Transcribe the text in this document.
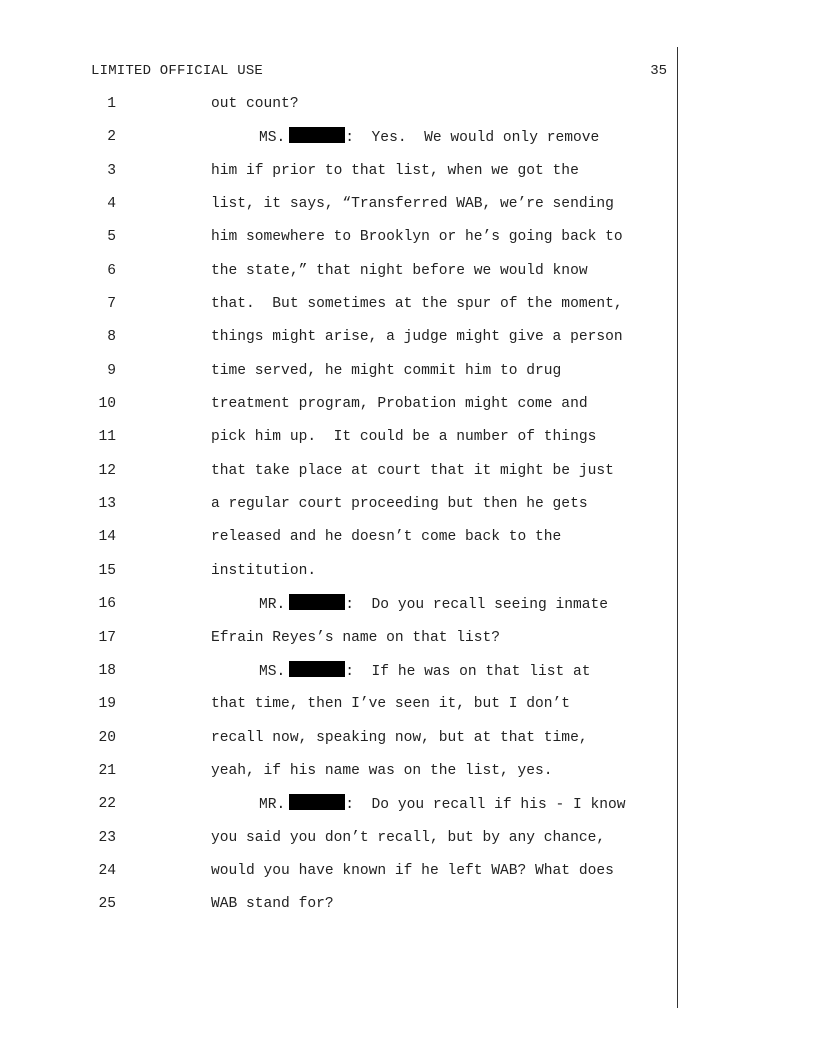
LIMITED OFFICIAL USE	35
1	out count?
2	MS.	:  Yes.  We would only remove
3	him if prior to that list, when we got the
4	list, it says, “Transferred WAB, we’re sending
5	him somewhere to Brooklyn or he’s going back to
6	the state,” that night before we would know
7	that.  But sometimes at the spur of the moment,
8	things might arise, a judge might give a person
9	time served, he might commit him to drug
10	treatment program, Probation might come and
11	pick him up.  It could be a number of things
12	that take place at court that it might be just
13	a regular court proceeding but then he gets
14	released and he doesn’t come back to the
15	institution.
16	MR.	:  Do you recall seeing inmate
17	Efrain Reyes’s name on that list?
18	MS.	:  If he was on that list at
19	that time, then I’ve seen it, but I don’t
20	recall now, speaking now, but at that time,
21	yeah, if his name was on the list, yes.
22	MR.	:  Do you recall if his - I know
23	you said you don’t recall, but by any chance,
24	would you have known if he left WAB? What does
25	WAB stand for?
